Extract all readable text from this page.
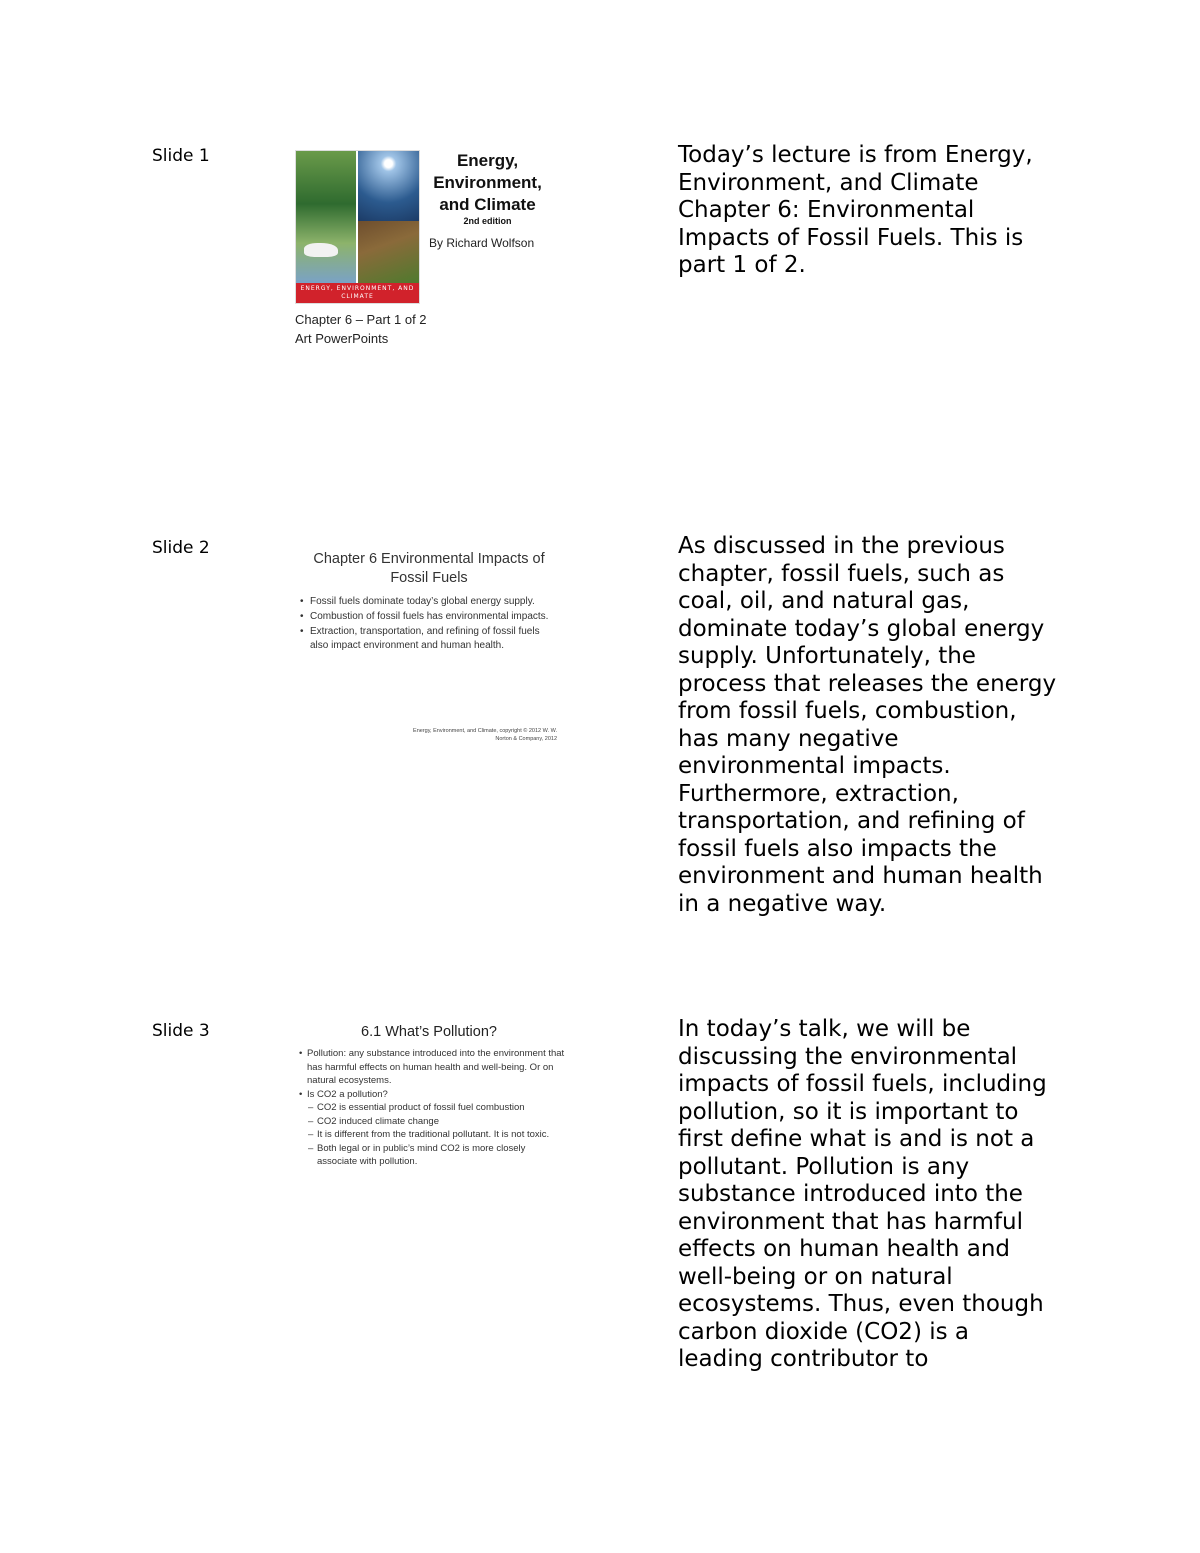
Slide 1
ENERGY, ENVIRONMENT, AND CLIMATE
Energy, Environment, and Climate
2nd edition
By Richard Wolfson
Chapter 6 – Part 1 of 2
Art PowerPoints
Today’s lecture is from Energy, Environment, and Climate Chapter 6: Environmental Impacts of Fossil Fuels. This is part 1 of 2.
Slide 2
Chapter 6 Environmental Impacts of Fossil Fuels
• Fossil fuels dominate today’s global energy supply.
• Combustion of fossil fuels has environmental impacts.
• Extraction, transportation, and refining of fossil fuels also impact environment and human health.
Energy, Environment, and Climate, copyright © 2012 W. W. Norton & Company, 2012
As discussed in the previous chapter, fossil fuels, such as coal, oil, and natural gas, dominate today’s global energy supply. Unfortunately, the process that releases the energy from fossil fuels, combustion, has many negative environmental impacts. Furthermore, extraction, transportation, and refining of fossil fuels also impacts the environment and human health in a negative way.
Slide 3	6.1 What’s Pollution?
• Pollution: any substance introduced into the environment that has harmful effects on human health and well-being. Or on natural ecosystems.
• Is CO2 a pollution?
– CO2 is essential product of fossil fuel combustion
– CO2 induced climate change
– It is different from the traditional pollutant. It is not toxic.
– Both legal or in public’s mind CO2 is more closely associate with pollution.
In today’s talk, we will be discussing the environmental impacts of fossil fuels, including pollution, so it is important to first define what is and is not a pollutant. Pollution is any substance introduced into the environment that has harmful effects on human health and well-being or on natural ecosystems. Thus, even though carbon dioxide (CO2) is a leading contributor to
